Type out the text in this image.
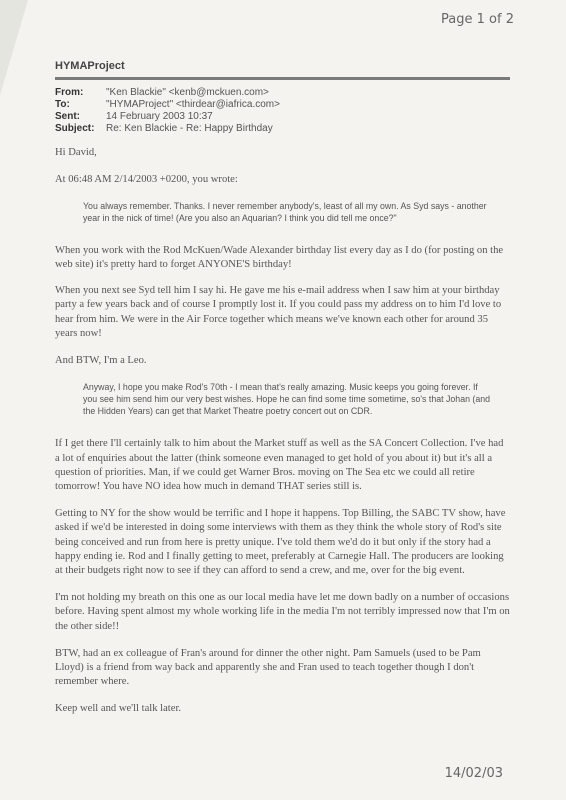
Page 1 of 2
HYMAProject
From:	"Ken Blackie" <kenb@mckuen.com>
To:	"HYMAProject" <thirdear@iafrica.com>
Sent:	14 February 2003 10:37
Subject:	Re: Ken Blackie - Re: Happy Birthday

Hi David,

At 06:48 AM 2/14/2003 +0200, you wrote:

You always remember. Thanks. I never remember anybody's, least of all my own. As Syd says - another year in the nick of time! (Are you also an Aquarian? I think you did tell me once?"

When you work with the Rod McKuen/Wade Alexander birthday list every day as I do (for posting on the web site) it's pretty hard to forget ANYONE'S birthday!

When you next see Syd tell him I say hi. He gave me his e-mail address when I saw him at your birthday party a few years back and of course I promptly lost it. If you could pass my address on to him I'd love to hear from him. We were in the Air Force together which means we've known each other for around 35 years now!

And BTW, I'm a Leo.

Anyway, I hope you make Rod's 70th - I mean that's really amazing. Music keeps you going forever. If you see him send him our very best wishes. Hope he can find some time sometime, so's that Johan (and the Hidden Years) can get that Market Theatre poetry concert out on CDR.

If I get there I'll certainly talk to him about the Market stuff as well as the SA Concert Collection. I've had a lot of enquiries about the latter (think someone even managed to get hold of you about it) but it's all a question of priorities. Man, if we could get Warner Bros. moving on The Sea etc we could all retire tomorrow! You have NO idea how much in demand THAT series still is.

Getting to NY for the show would be terrific and I hope it happens. Top Billing, the SABC TV show, have asked if we'd be interested in doing some interviews with them as they think the whole story of Rod's site being conceived and run from here is pretty unique. I've told them we'd do it but only if the story had a happy ending ie. Rod and I finally getting to meet, preferably at Carnegie Hall. The producers are looking at their budgets right now to see if they can afford to send a crew, and me, over for the big event.

I'm not holding my breath on this one as our local media have let me down badly on a number of occasions before. Having spent almost my whole working life in the media I'm not terribly impressed now that I'm on the other side!!

BTW, had an ex colleague of Fran's around for dinner the other night. Pam Samuels (used to be Pam Lloyd) is a friend from way back and apparently she and Fran used to teach together though I don't remember where.

Keep well and we'll talk later.

14/02/03
